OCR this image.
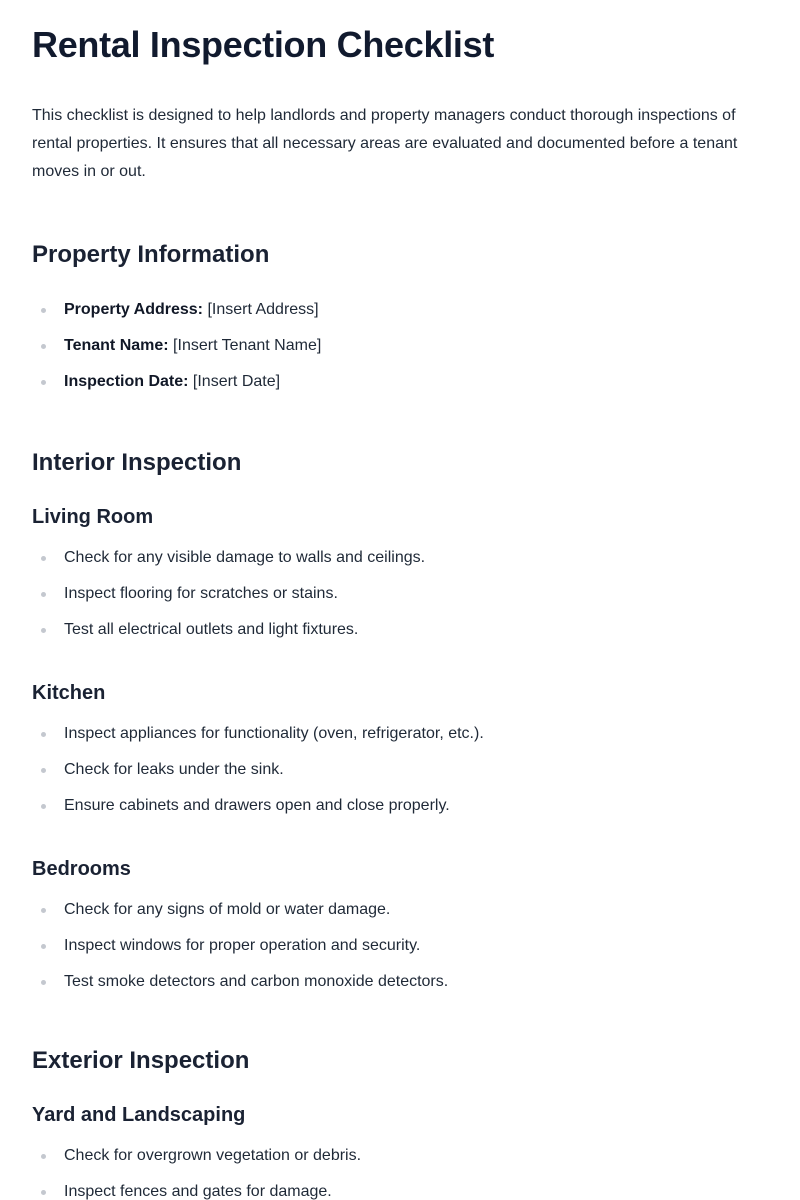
Rental Inspection Checklist

This checklist is designed to help landlords and property managers conduct thorough inspections of rental properties. It ensures that all necessary areas are evaluated and documented before a tenant moves in or out.

Property Information
Property Address: [Insert Address]
Tenant Name: [Insert Tenant Name]
Inspection Date: [Insert Date]
Interior Inspection
Living Room
Check for any visible damage to walls and ceilings.
Inspect flooring for scratches or stains.
Test all electrical outlets and light fixtures.
Kitchen
Inspect appliances for functionality (oven, refrigerator, etc.).
Check for leaks under the sink.
Ensure cabinets and drawers open and close properly.
Bedrooms
Check for any signs of mold or water damage.
Inspect windows for proper operation and security.
Test smoke detectors and carbon monoxide detectors.
Exterior Inspection
Yard and Landscaping
Check for overgrown vegetation or debris.
Inspect fences and gates for damage.
